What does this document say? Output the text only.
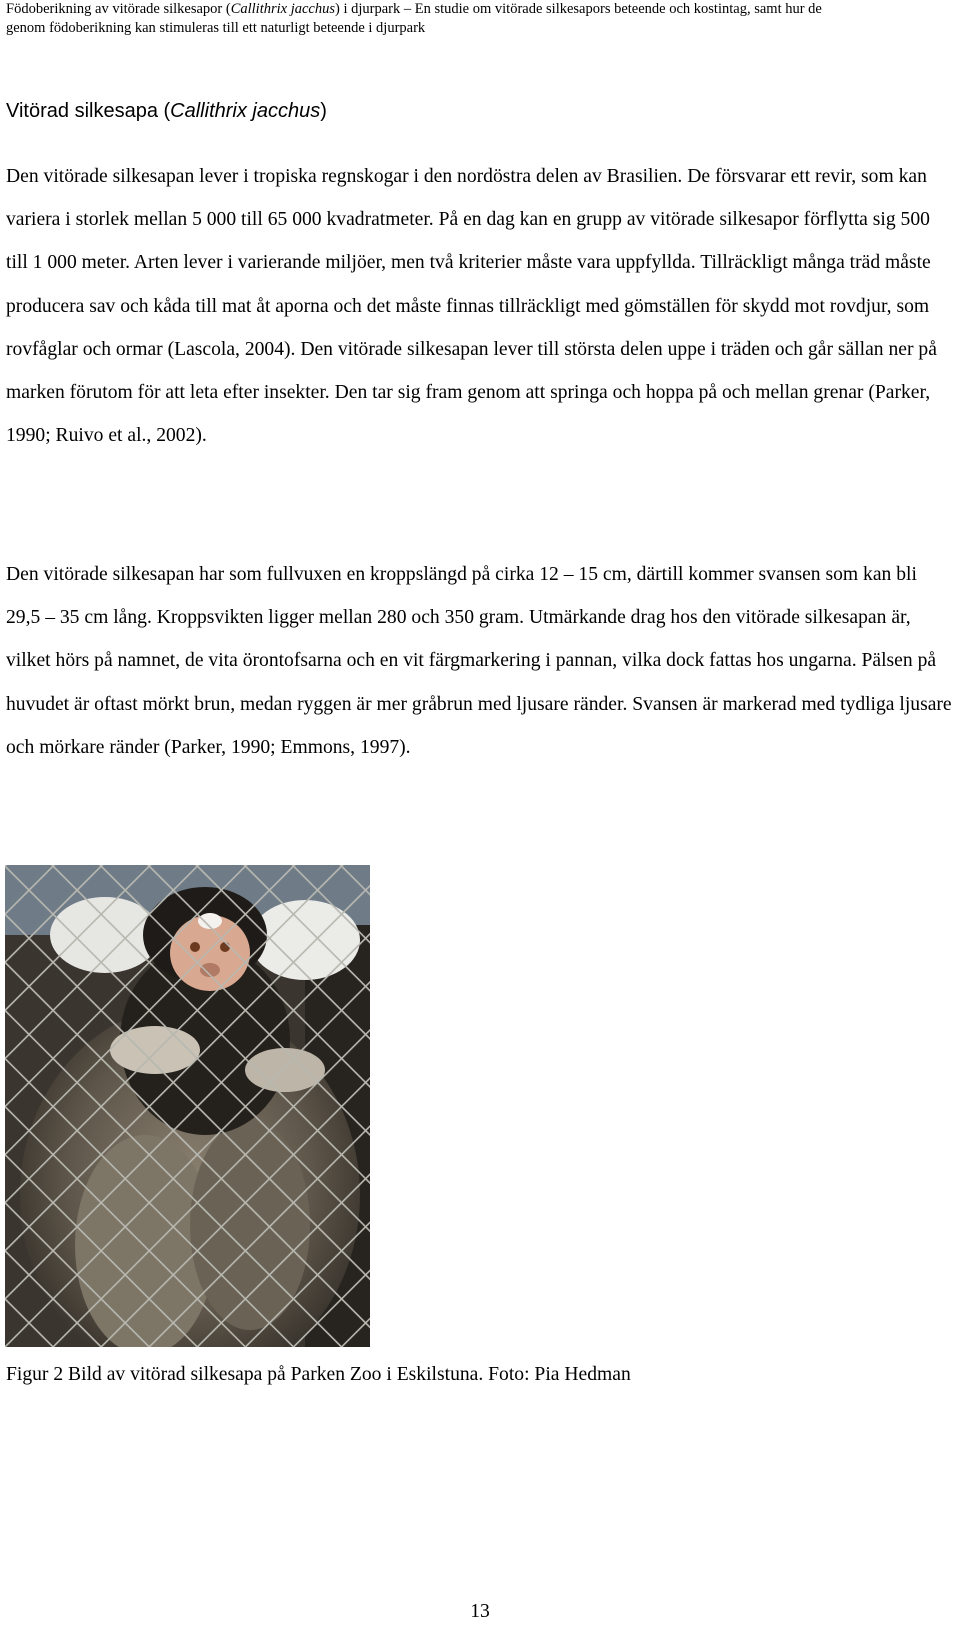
Födoberikning av vitörade silkesapor (Callithrix jacchus) i djurpark – En studie om vitörade silkesapors beteende och kostintag, samt hur de
genom födoberikning kan stimuleras till ett naturligt beteende i djurpark
Vitörad silkesapa (Callithrix jacchus)

Den vitörade silkesapan lever i tropiska regnskogar i den nordöstra delen av Brasilien. De försvarar ett revir, som kan variera i storlek mellan 5 000 till 65 000 kvadratmeter. På en dag kan en grupp av vitörade silkesapor förflytta sig 500 till 1 000 meter. Arten lever i varierande miljöer, men två kriterier måste vara uppfyllda. Tillräckligt många träd måste producera sav och kåda till mat åt aporna och det måste finnas tillräckligt med gömställen för skydd mot rovdjur, som rovfåglar och ormar (Lascola, 2004). Den vitörade silkesapan lever till största delen uppe i träden och går sällan ner på marken förutom för att leta efter insekter. Den tar sig fram genom att springa och hoppa på och mellan grenar (Parker, 1990; Ruivo et al., 2002).

Den vitörade silkesapan har som fullvuxen en kroppslängd på cirka 12 – 15 cm, därtill kommer svansen som kan bli 29,5 – 35 cm lång. Kroppsvikten ligger mellan 280 och 350 gram. Utmärkande drag hos den vitörade silkesapan är, vilket hörs på namnet, de vita örontofsarna och en vit färgmarkering i pannan, vilka dock fattas hos ungarna. Pälsen på huvudet är oftast mörkt brun, medan ryggen är mer gråbrun med ljusare ränder. Svansen är markerad med tydliga ljusare och mörkare ränder (Parker, 1990; Emmons, 1997).

Figur 2 Bild av vitörad silkesapa på Parken Zoo i Eskilstuna. Foto: Pia Hedman

13
